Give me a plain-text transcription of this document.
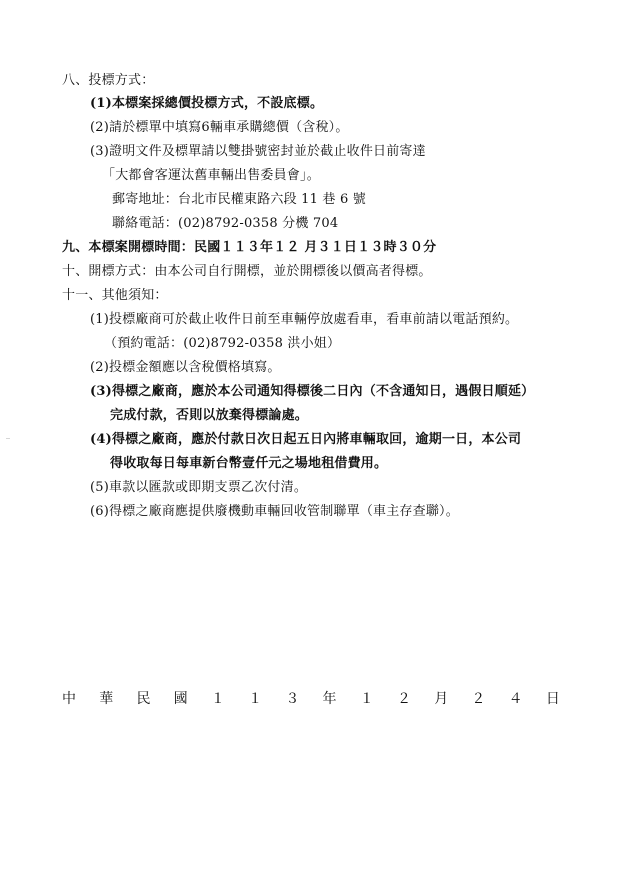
八、投標方式：
(1)本標案採總價投標方式，不設底標。
(2)請於標單中填寫6輛車承購總價（含稅）。
(3)證明文件及標單請以雙掛號密封並於截止收件日前寄達
「大都會客運汰舊車輛出售委員會」。
郵寄地址：台北市民權東路六段 11 巷 6 號
聯絡電話：(02)8792-0358 分機 704
九、本標案開標時間：民國１１３年１２ 月３１日１３時３０分
十、開標方式：由本公司自行開標，並於開標後以價高者得標。
十一、其他須知：
(1)投標廠商可於截止收件日前至車輛停放處看車，看車前請以電話預約。
（預約電話：(02)8792-0358 洪小姐）
(2)投標金額應以含稅價格填寫。
(3)得標之廠商，應於本公司通知得標後二日內（不含通知日，遇假日順延）
完成付款，否則以放棄得標論處。
(4)得標之廠商，應於付款日次日起五日內將車輛取回，逾期一日，本公司
得收取每日每車新台幣壹仟元之場地租借費用。
(5)車款以匯款或即期支票乙次付清。
(6)得標之廠商應提供廢機動車輛回收管制聯單（車主存查聯）。
中 華 民 國 １ １ ３ 年 １ ２ 月 ２ ４ 日
